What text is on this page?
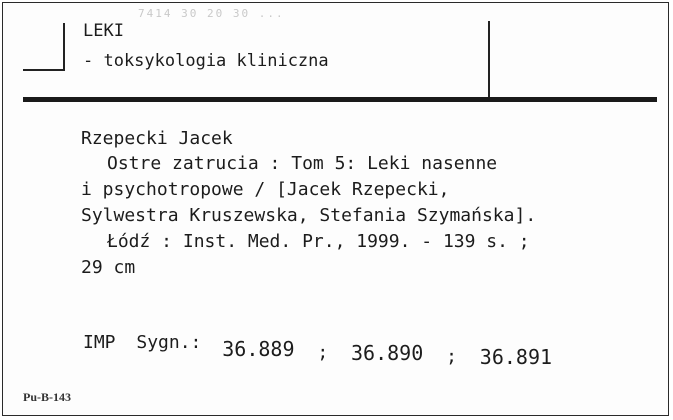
7414 30 20 30 ...
LEKI
- toksykologia kliniczna
Rzepecki Jacek
Ostre zatrucia : Tom 5: Leki nasenne
i psychotropowe / [Jacek Rzepecki,
Sylwestra Kruszewska, Stefania Szymańska].
Łódź : Inst. Med. Pr., 1999. - 139 s. ;
29 cm
IMP Sygn.: 36.889 ; 36.890 ; 36.891
Pu-B-143
